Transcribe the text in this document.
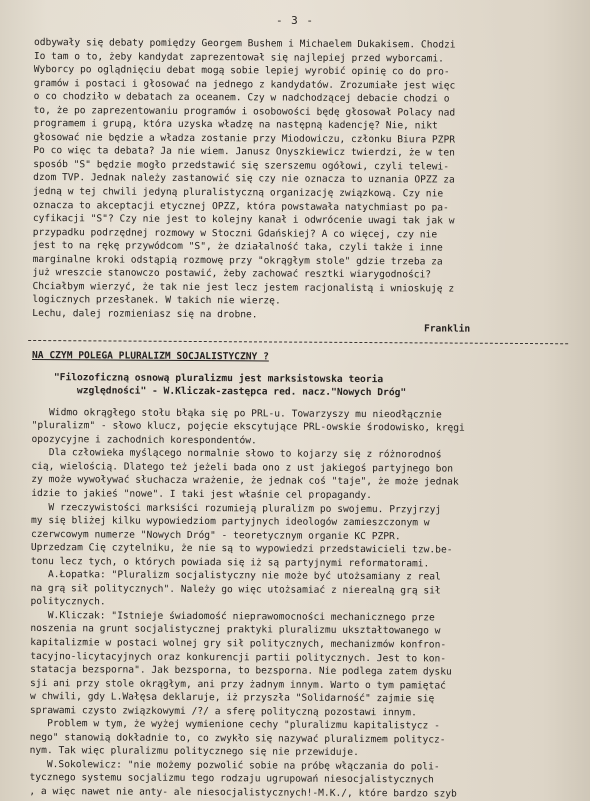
- 3 -
odbywały się debaty pomiędzy Georgem Bushem i Michaelem Dukakisem. Chodzi
Io tam o to, żeby kandydat zaprezentował się najlepiej przed wyborcami.
Wyborcy po oglądnięciu debat mogą sobie lepiej wyrobić opinię co do pro-
gramów i postaci i głosować na jednego z kandydatów. Zrozumiałe jest więc
o co chodziło w debatach za oceanem. Czy w nadchodzącej debacie chodzi o
to, że po zaprezentowaniu programów i osobowości będę głosował Polacy nad
programem i grupą, która uzyska władzę na następną kadencję? Nie, nikt
głosować nie będzie a władza zostanie przy Miodowiczu, członku Biura PZPR
Po co więc ta debata? Ja nie wiem. Janusz Onyszkiewicz twierdzi, że w ten
sposób "S" będzie mogło przedstawić się szerszemu ogółowi, czyli telewi-
dzom TVP. Jednak należy zastanowić się czy nie oznacza to uznania OPZZ za
jedną w tej chwili jedyną pluralistyczną organizację związkową. Czy nie
oznacza to akceptacji etycznej OPZZ, która powstawała natychmiast po pa-
cyfikacji "S"? Czy nie jest to kolejny kanał i odwrócenie uwagi tak jak w
przypadku podrzędnej rozmowy w Stoczni Gdańskiej? A co więcej, czy nie
jest to na rękę przywódcom "S", że działalność taka, czyli także i inne
marginalne kroki odstąpią rozmowę przy "okrągłym stole" gdzie trzeba za
już wreszcie stanowczo postawić, żeby zachować resztki wiarygodności?
Chciałbym wierzyć, że tak nie jest lecz jestem racjonalistą i wnioskuję z
logicznych przesłanek. W takich nie wierzę.
Lechu, dalej rozmieniasz się na drobne.
Franklin
NA CZYM POLEGA PLURALIZM SOCJALISTYCZNY ?
"Filozoficzną osnową pluralizmu jest marksistowska teoria
względności" - W.Kliczak-zastępca red. nacz."Nowych Dróg"
Widmo okrągłego stołu błąka się po PRL-u. Towarzyszy mu nieodłącznie
"pluralizm" - słowo klucz, pojęcie ekscytujące PRL-owskie środowisko, kręgi
opozycyjne i zachodnich korespondentów.
Dla człowieka myślącego normalnie słowo to kojarzy się z różnorodnoś
cią, wielością. Dlatego też jeżeli bada ono z ust jakiegoś partyjnego bon
zy może wywoływać słuchacza wrażenie, że jednak coś "taje", że może jednak
idzie to jakieś "nowe". I taki jest właśnie cel propagandy.
W rzeczywistości marksiści rozumieją pluralizm po swojemu. Przyjrzyj
my się bliżej kilku wypowiedziom partyjnych ideologów zamieszczonym w
czerwcowym numerze "Nowych Dróg" - teoretycznym organie KC PZPR.
Uprzedzam Cię czytelniku, że nie są to wypowiedzi przedstawicieli tzw.be-
tonu lecz tych, o których powiada się iż są partyjnymi reformatorami.
A.Łopatka: "Pluralizm socjalistyczny nie może być utożsamiany z real
na grą sił politycznych". Należy go więc utożsamiać z nierealną grą sił
politycznych.
W.Kliczak: "Istnieje świadomość nieprawomocności mechanicznego prze
noszenia na grunt socjalistycznej praktyki pluralizmu ukształtowanego w
kapitalizmie w postaci wolnej gry sił politycznych, mechanizmów konfron-
tacyjno-licytacyjnych oraz konkurencji partii politycznych. Jest to kon-
statacja bezsporna". Jak bezsporna, to bezsporna. Nie podlega zatem dysku
sji ani przy stole okrągłym, ani przy żadnym innym. Warto o tym pamiętać
w chwili, gdy L.Wałęsa deklaruje, iż przyszła "Solidarność" zajmie się
sprawami czysto związkowymi /?/ a sferę polityczną pozostawi innym.
Problem w tym, że wyżej wymienione cechy "pluralizmu kapitalistycz -
nego" stanowią dokładnie to, co zwykło się nazywać pluralizmem politycz-
nym. Tak więc pluralizmu politycznego się nie przewiduje.
W.Sokolewicz: "nie możemy pozwolić sobie na próbę włączania do poli-
tycznego systemu socjalizmu tego rodzaju ugrupowań niesocjalistycznych
, a więc nawet nie anty- ale niesocjalistycznych!-M.K./, które bardzo szyb
